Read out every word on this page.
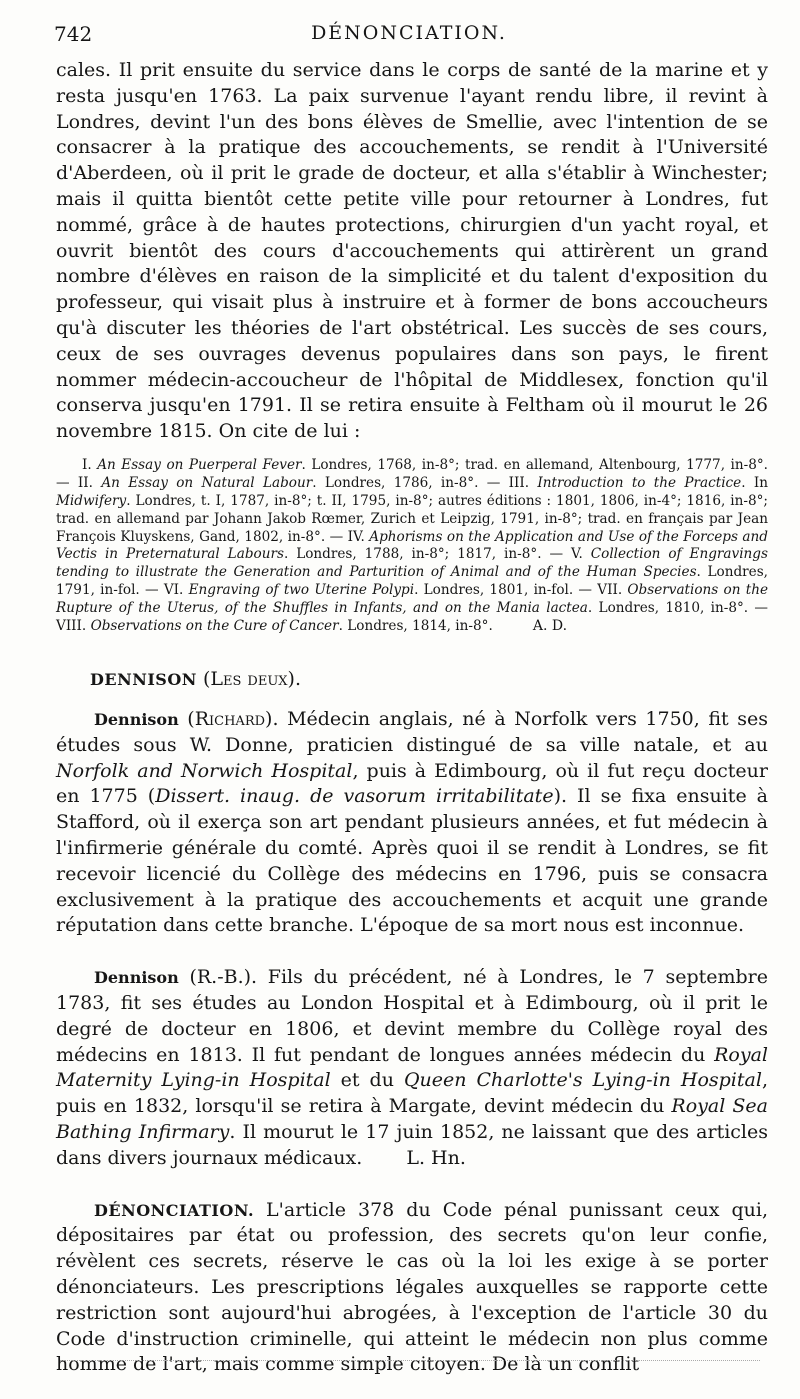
742	DÉNONCIATION.

cales. Il prit ensuite du service dans le corps de santé de la marine et y resta jusqu'en 1763. La paix survenue l'ayant rendu libre, il revint à Londres, devint l'un des bons élèves de Smellie, avec l'intention de se consacrer à la pratique des accouchements, se rendit à l'Université d'Aberdeen, où il prit le grade de docteur, et alla s'établir à Winchester; mais il quitta bientôt cette petite ville pour retourner à Londres, fut nommé, grâce à de hautes protections, chirurgien d'un yacht royal, et ouvrit bientôt des cours d'accouchements qui attirèrent un grand nombre d'élèves en raison de la simplicité et du talent d'exposition du professeur, qui visait plus à instruire et à former de bons accoucheurs qu'à discuter les théories de l'art obstétrical. Les succès de ses cours, ceux de ses ouvrages devenus populaires dans son pays, le firent nommer médecin-accoucheur de l'hôpital de Middlesex, fonction qu'il conserva jusqu'en 1791. Il se retira ensuite à Feltham où il mourut le 26 novembre 1815. On cite de lui :

I. An Essay on Puerperal Fever. Londres, 1768, in-8°; trad. en allemand, Altenbourg, 1777, in-8°. — II. An Essay on Natural Labour. Londres, 1786, in-8°. — III. Introduction to the Practice. In Midwifery. Londres, t. I, 1787, in-8°; t. II, 1795, in-8°; autres éditions : 1801, 1806, in-4°; 1816, in-8°; trad. en allemand par Johann Jakob Rœmer, Zurich et Leipzig, 1791, in-8°; trad. en français par Jean François Kluyskens, Gand, 1802, in-8°. — IV. Aphorisms on the Application and Use of the Forceps and Vectis in Preternatural Labours. Londres, 1788, in-8°; 1817, in-8°. — V. Collection of Engravings tending to illustrate the Generation and Parturition of Animal and of the Human Species. Londres, 1791, in-fol. — VI. Engraving of two Uterine Polypi. Londres, 1801, in-fol. — VII. Observations on the Rupture of the Uterus, of the Shuffles in Infants, and on the Mania lactea. Londres, 1810, in-8°. — VIII. Observations on the Cure of Cancer. Londres, 1814, in-8°.	A. D.

DENNISON (Les deux).

Dennison (Richard). Médecin anglais, né à Norfolk vers 1750, fit ses études sous W. Donne, praticien distingué de sa ville natale, et au Norfolk and Norwich Hospital, puis à Edimbourg, où il fut reçu docteur en 1775 (Dissert. inaug. de vasorum irritabilitate). Il se fixa ensuite à Stafford, où il exerça son art pendant plusieurs années, et fut médecin à l'infirmerie générale du comté. Après quoi il se rendit à Londres, se fit recevoir licencié du Collège des médecins en 1796, puis se consacra exclusivement à la pratique des accouchements et acquit une grande réputation dans cette branche. L'époque de sa mort nous est inconnue.

Dennison (R.-B.). Fils du précédent, né à Londres, le 7 septembre 1783, fit ses études au London Hospital et à Edimbourg, où il prit le degré de docteur en 1806, et devint membre du Collège royal des médecins en 1813. Il fut pendant de longues années médecin du Royal Maternity Lying-in Hospital et du Queen Charlotte's Lying-in Hospital, puis en 1832, lorsqu'il se retira à Margate, devint médecin du Royal Sea Bathing Infirmary. Il mourut le 17 juin 1852, ne laissant que des articles dans divers journaux médicaux. L. Hn.

DÉNONCIATION. L'article 378 du Code pénal punissant ceux qui, dépositaires par état ou profession, des secrets qu'on leur confie, révèlent ces secrets, réserve le cas où la loi les exige à se porter dénonciateurs. Les prescriptions légales auxquelles se rapporte cette restriction sont aujourd'hui abrogées, à l'exception de l'article 30 du Code d'instruction criminelle, qui atteint le médecin non plus comme homme de l'art, mais comme simple citoyen. De là un conflit
